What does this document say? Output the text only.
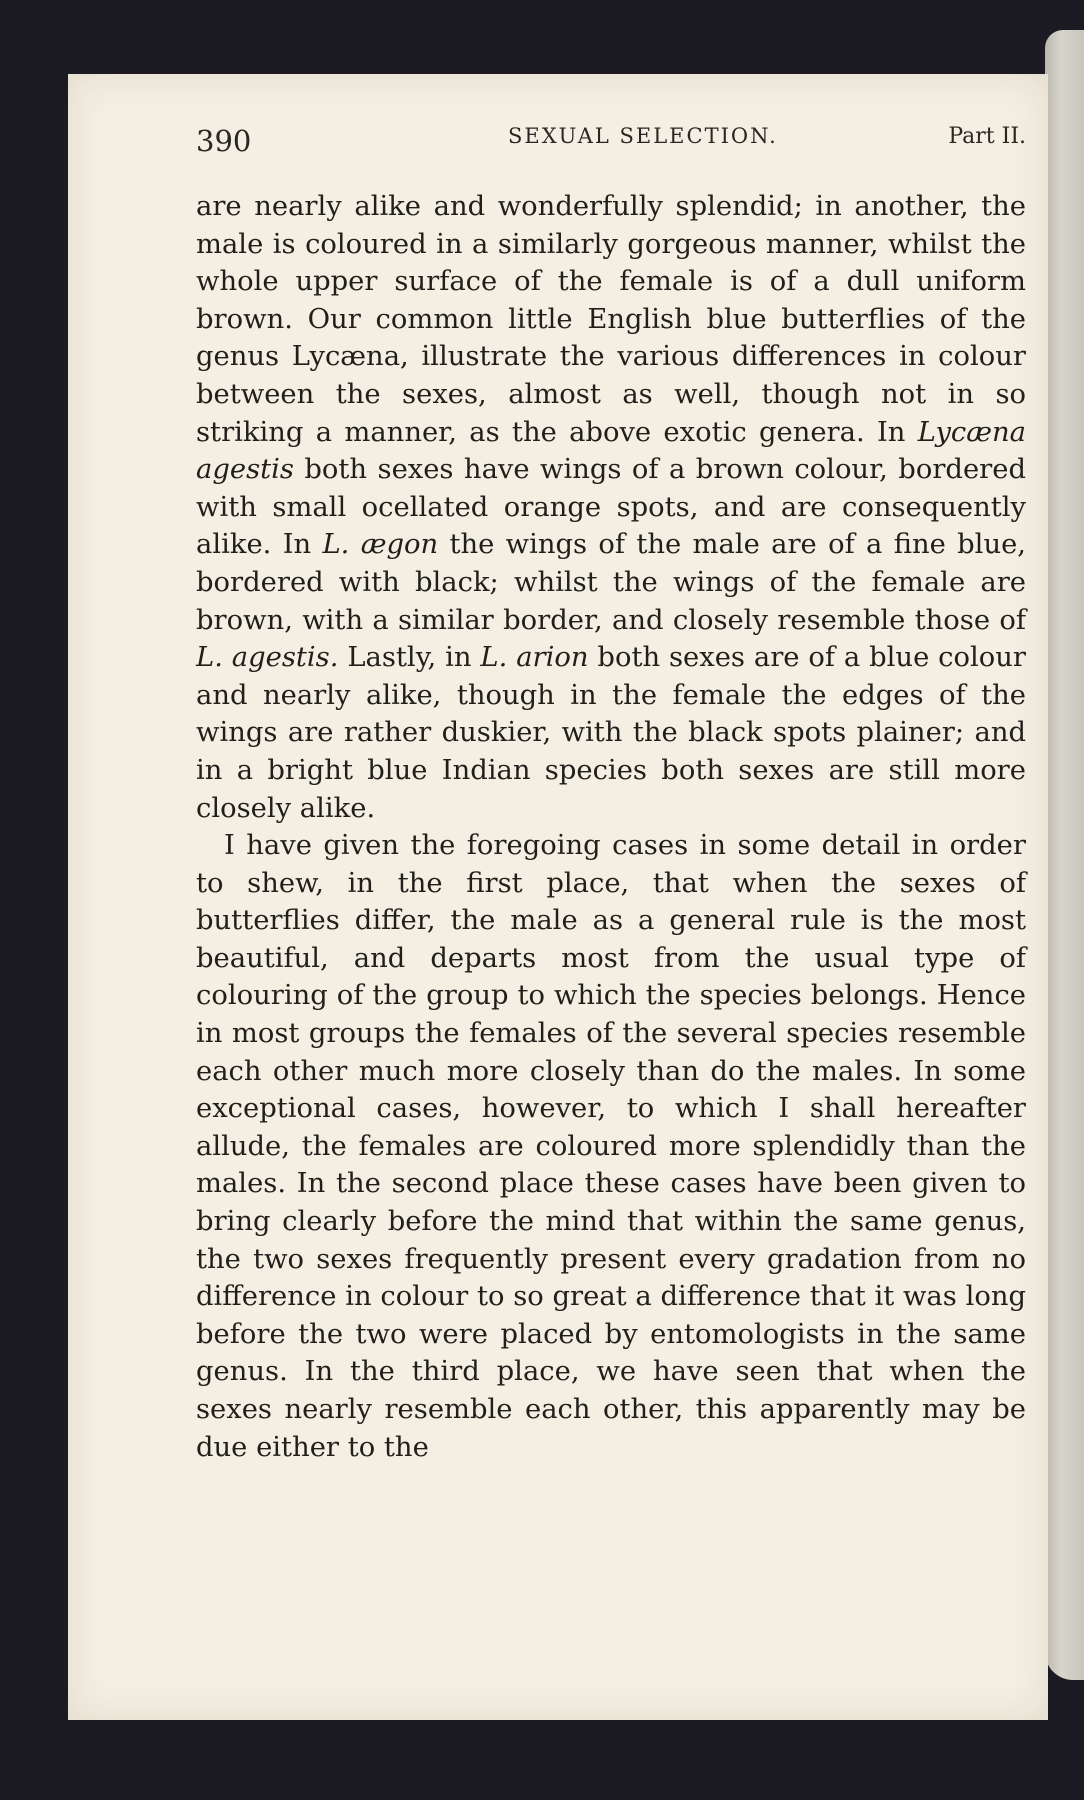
390	SEXUAL SELECTION.	Part II.

are nearly alike and wonderfully splendid; in another, the male is coloured in a similarly gorgeous manner, whilst the whole upper surface of the female is of a dull uniform brown. Our common little English blue butterflies of the genus Lycæna, illustrate the various differences in colour between the sexes, almost as well, though not in so striking a manner, as the above exotic genera. In Lycæna agestis both sexes have wings of a brown colour, bordered with small ocellated orange spots, and are consequently alike. In L. ægon the wings of the male are of a fine blue, bordered with black; whilst the wings of the female are brown, with a similar border, and closely resemble those of L. agestis. Lastly, in L. arion both sexes are of a blue colour and nearly alike, though in the female the edges of the wings are rather duskier, with the black spots plainer; and in a bright blue Indian species both sexes are still more closely alike.

I have given the foregoing cases in some detail in order to shew, in the first place, that when the sexes of butterflies differ, the male as a general rule is the most beautiful, and departs most from the usual type of colouring of the group to which the species belongs. Hence in most groups the females of the several species resemble each other much more closely than do the males. In some exceptional cases, however, to which I shall hereafter allude, the females are coloured more splendidly than the males. In the second place these cases have been given to bring clearly before the mind that within the same genus, the two sexes frequently present every gradation from no difference in colour to so great a difference that it was long before the two were placed by entomologists in the same genus. In the third place, we have seen that when the sexes nearly resemble each other, this apparently may be due either to the
